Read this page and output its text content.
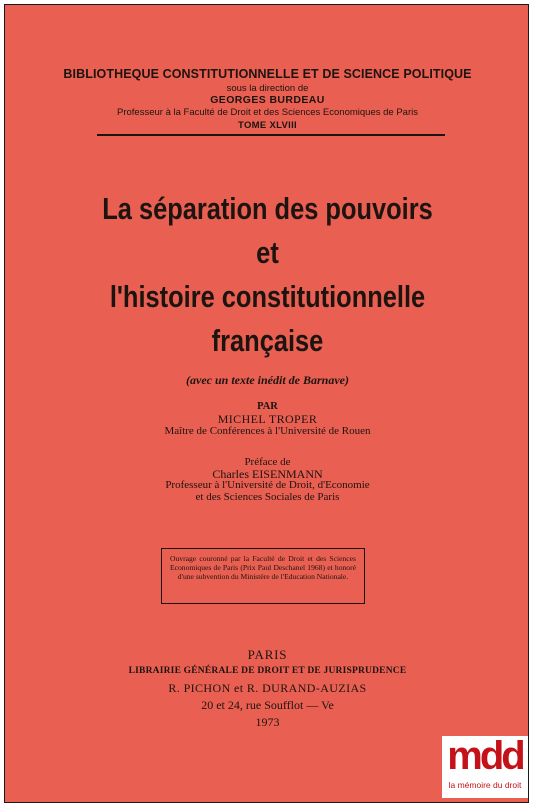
BIBLIOTHEQUE CONSTITUTIONNELLE ET DE SCIENCE POLITIQUE
sous la direction de
GEORGES BURDEAU
Professeur à la Faculté de Droit et des Sciences Economiques de Paris
TOME XLVIII
La séparation des pouvoirs
et
l'histoire constitutionnelle
française
(avec un texte inédit de Barnave)
PAR
MICHEL TROPER
Maître de Conférences à l'Université de Rouen
Préface de
Charles EISENMANN
Professeur à l'Université de Droit, d'Economie
et des Sciences Sociales de Paris
Ouvrage couronné par la Faculté de Droit et des Sciences Economiques de Paris (Prix Paul Deschanel 1968) et honoré d'une subvention du Ministère de l'Education Nationale.
PARIS
LIBRAIRIE GÉNÉRALE DE DROIT ET DE JURISPRUDENCE
R. PICHON et R. DURAND-AUZIAS
20 et 24, rue Soufflot — Ve
1973
mdd
la mémoire du droit
